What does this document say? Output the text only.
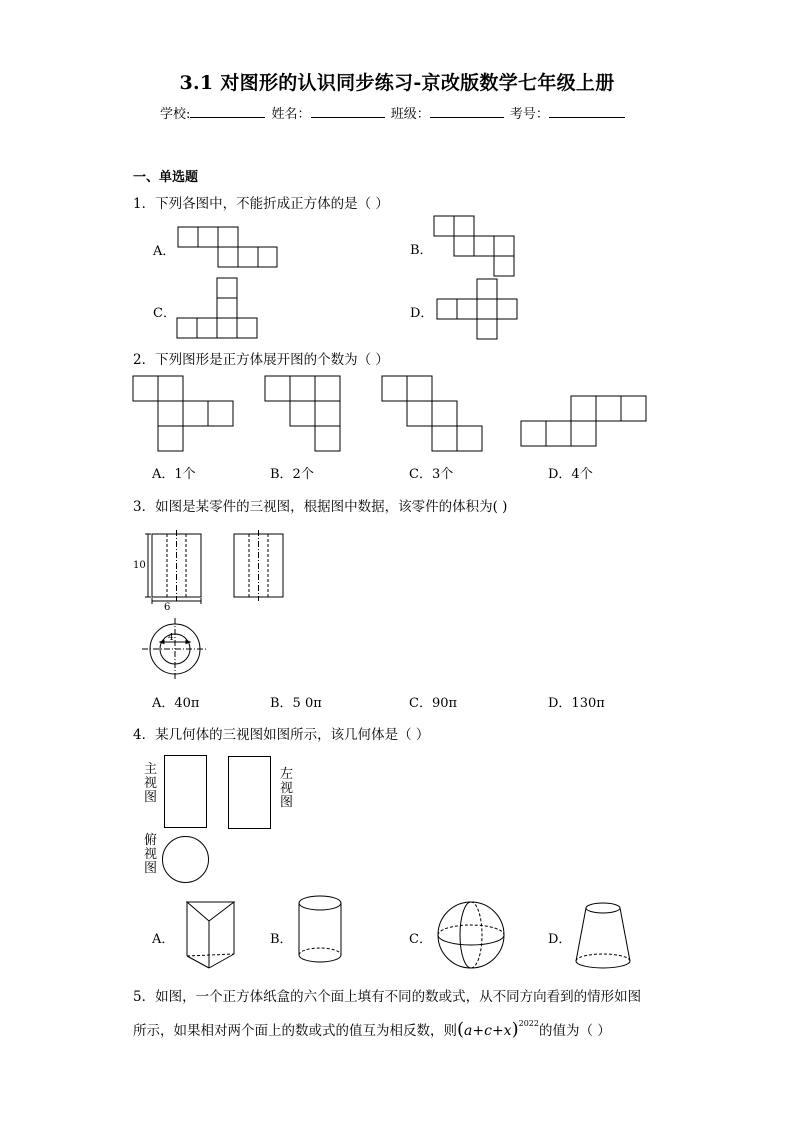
3.1 对图形的认识同步练习-京改版数学七年级上册
学校:	姓名：	班级：	考号：
一、单选题
1．下列各图中，不能折成正方体的是（ ）
A．	B．
C．	D．
2．下列图形是正方体展开图的个数为（ ）
A．1个	B．2个	C．3个	D．4个
3．如图是某零件的三视图，根据图中数据，该零件的体积为( )
10
6
4
A．40π	B．5 0π	C．90π	D．130π
4．某几何体的三视图如图所示，该几何体是（ ）
主视图
左视图
俯视图
A．	B．	C．	D．
5．如图，一个正方体纸盒的六个面上填有不同的数或式，从不同方向看到的情形如图
所示，如果相对两个面上的数或式的值互为相反数，则$(a+c+x)^{2022}$的值为（ ）
